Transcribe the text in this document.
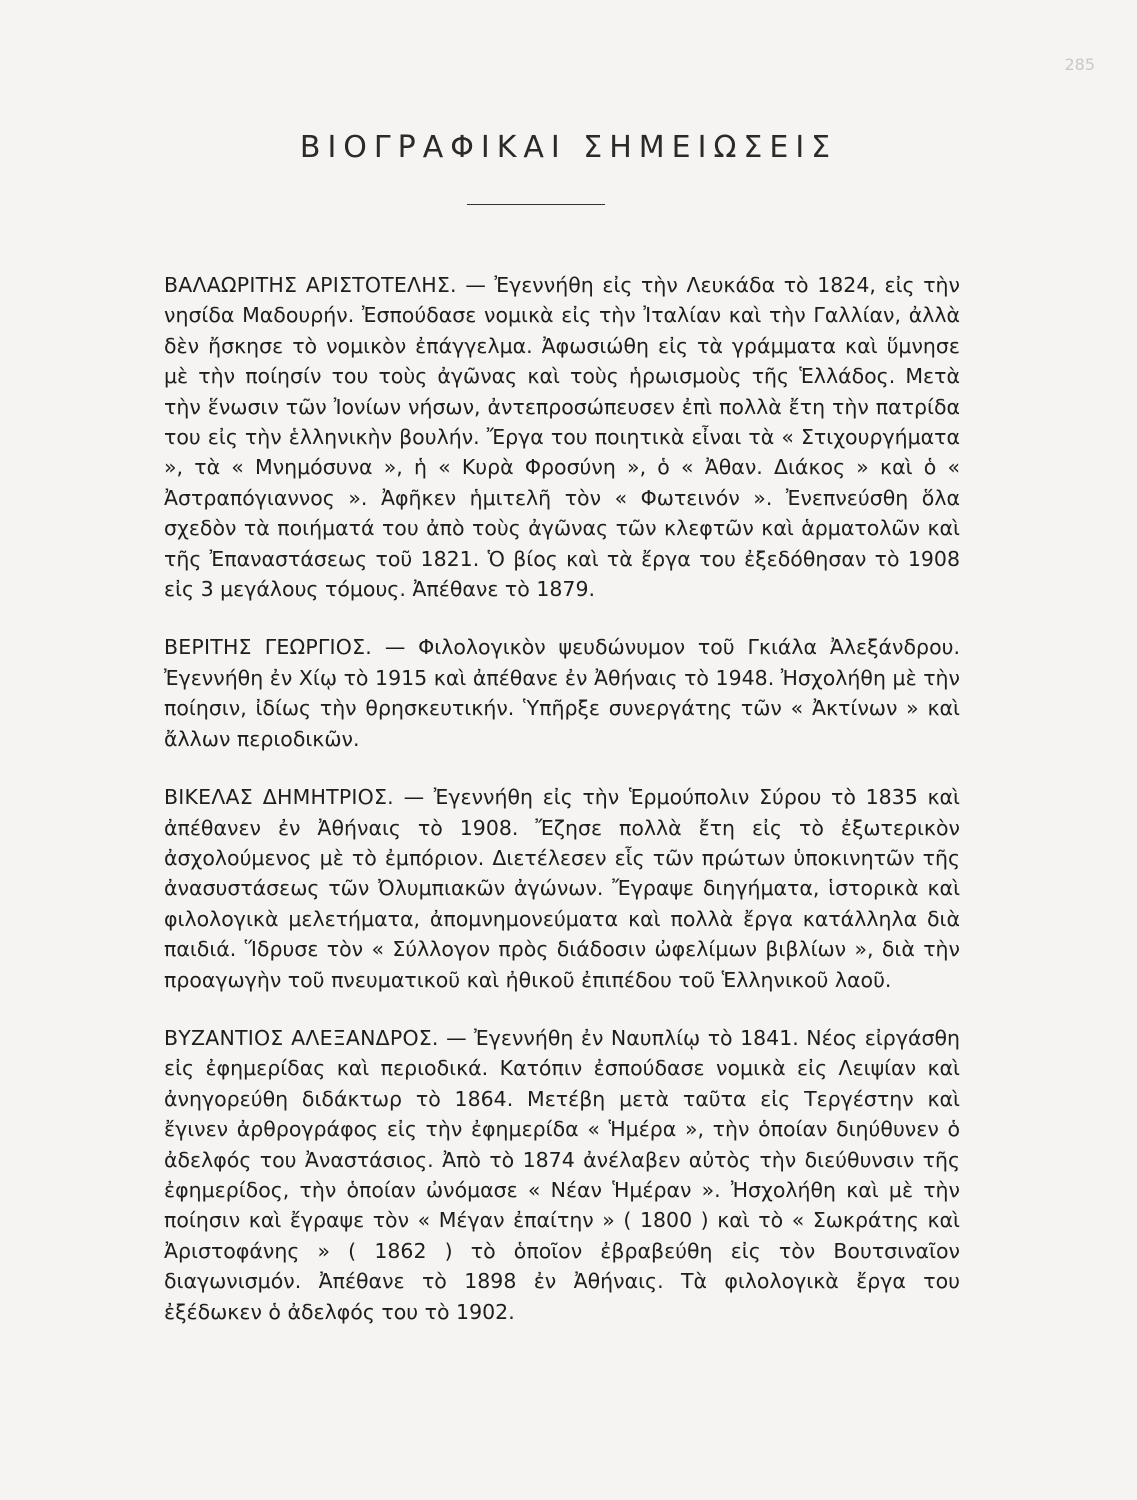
285
ΒΙΟΓΡΑΦΙΚΑΙ ΣΗΜΕΙΩΣΕΙΣ

ΒΑΛΑΩΡΙΤΗΣ ΑΡΙΣΤΟΤΕΛΗΣ. — Ἐγεννήθη εἰς τὴν Λευκάδα τὸ 1824, εἰς τὴν νησίδα Μαδουρήν. Ἐσπούδασε νομικὰ εἰς τὴν Ἰταλίαν καὶ τὴν Γαλλίαν, ἀλλὰ δὲν ἤσκησε τὸ νομικὸν ἐπάγγελμα. Ἀφωσιώθη εἰς τὰ γράμματα καὶ ὕμνησε μὲ τὴν ποίησίν του τοὺς ἀγῶνας καὶ τοὺς ἡρωισμοὺς τῆς Ἑλλάδος. Μετὰ τὴν ἕνωσιν τῶν Ἰονίων νήσων, ἀντεπροσώπευσεν ἐπὶ πολλὰ ἔτη τὴν πατρίδα του εἰς τὴν ἑλληνικὴν βουλήν. Ἔργα του ποιητικὰ εἶναι τὰ « Στιχουργήματα », τὰ « Μνημόσυνα », ἡ « Κυρὰ Φροσύνη », ὁ « Ἀθαν. Διάκος » καὶ ὁ « Ἀστραπόγιαννος ». Ἀφῆκεν ἡμιτελῆ τὸν « Φωτεινόν ». Ἐνεπνεύσθη ὅλα σχεδὸν τὰ ποιήματά του ἀπὸ τοὺς ἀγῶνας τῶν κλεφτῶν καὶ ἁρματολῶν καὶ τῆς Ἐπαναστάσεως τοῦ 1821. Ὁ βίος καὶ τὰ ἔργα του ἐξεδόθησαν τὸ 1908 εἰς 3 μεγάλους τόμους. Ἀπέθανε τὸ 1879.

ΒΕΡΙΤΗΣ ΓΕΩΡΓΙΟΣ. — Φιλολογικὸν ψευδώνυμον τοῦ Γκιάλα Ἀλεξάνδρου. Ἐγεννήθη ἐν Χίῳ τὸ 1915 καὶ ἀπέθανε ἐν Ἀθήναις τὸ 1948. Ἠσχολήθη μὲ τὴν ποίησιν, ἰδίως τὴν θρησκευτικήν. Ὑπῆρξε συνεργάτης τῶν « Ἀκτίνων » καὶ ἄλλων περιοδικῶν.

ΒΙΚΕΛΑΣ ΔΗΜΗΤΡΙΟΣ. — Ἐγεννήθη εἰς τὴν Ἑρμούπολιν Σύρου τὸ 1835 καὶ ἀπέθανεν ἐν Ἀθήναις τὸ 1908. Ἔζησε πολλὰ ἔτη εἰς τὸ ἐξωτερικὸν ἀσχολούμενος μὲ τὸ ἐμπόριον. Διετέλεσεν εἷς τῶν πρώτων ὑποκινητῶν τῆς ἀνασυστάσεως τῶν Ὀλυμπιακῶν ἀγώνων. Ἔγραψε διηγήματα, ἱστορικὰ καὶ φιλολογικὰ μελετήματα, ἀπομνημονεύματα καὶ πολλὰ ἔργα κατάλληλα διὰ παιδιά. Ἵδρυσε τὸν « Σύλλογον πρὸς διάδοσιν ὠφελίμων βιβλίων », διὰ τὴν προαγωγὴν τοῦ πνευματικοῦ καὶ ἠθικοῦ ἐπιπέδου τοῦ Ἑλληνικοῦ λαοῦ.

ΒΥΖΑΝΤΙΟΣ ΑΛΕΞΑΝΔΡΟΣ. — Ἐγεννήθη ἐν Ναυπλίῳ τὸ 1841. Νέος εἰργάσθη εἰς ἐφημερίδας καὶ περιοδικά. Κατόπιν ἐσπούδασε νομικὰ εἰς Λειψίαν καὶ ἀνηγορεύθη διδάκτωρ τὸ 1864. Μετέβη μετὰ ταῦτα εἰς Τεργέστην καὶ ἔγινεν ἀρθρογράφος εἰς τὴν ἐφημερίδα « Ἡμέρα », τὴν ὁποίαν διηύθυνεν ὁ ἀδελφός του Ἀναστάσιος. Ἀπὸ τὸ 1874 ἀνέλαβεν αὐτὸς τὴν διεύθυνσιν τῆς ἐφημερίδος, τὴν ὁποίαν ὠνόμασε « Νέαν Ἡμέραν ». Ἠσχολήθη καὶ μὲ τὴν ποίησιν καὶ ἔγραψε τὸν « Μέγαν ἐπαίτην » ( 1800 ) καὶ τὸ « Σωκράτης καὶ Ἀριστοφάνης » ( 1862 ) τὸ ὁποῖον ἐβραβεύθη εἰς τὸν Βουτσιναῖον διαγωνισμόν. Ἀπέθανε τὸ 1898 ἐν Ἀθήναις. Τὰ φιλολογικὰ ἔργα του ἐξέδωκεν ὁ ἀδελφός του τὸ 1902.
